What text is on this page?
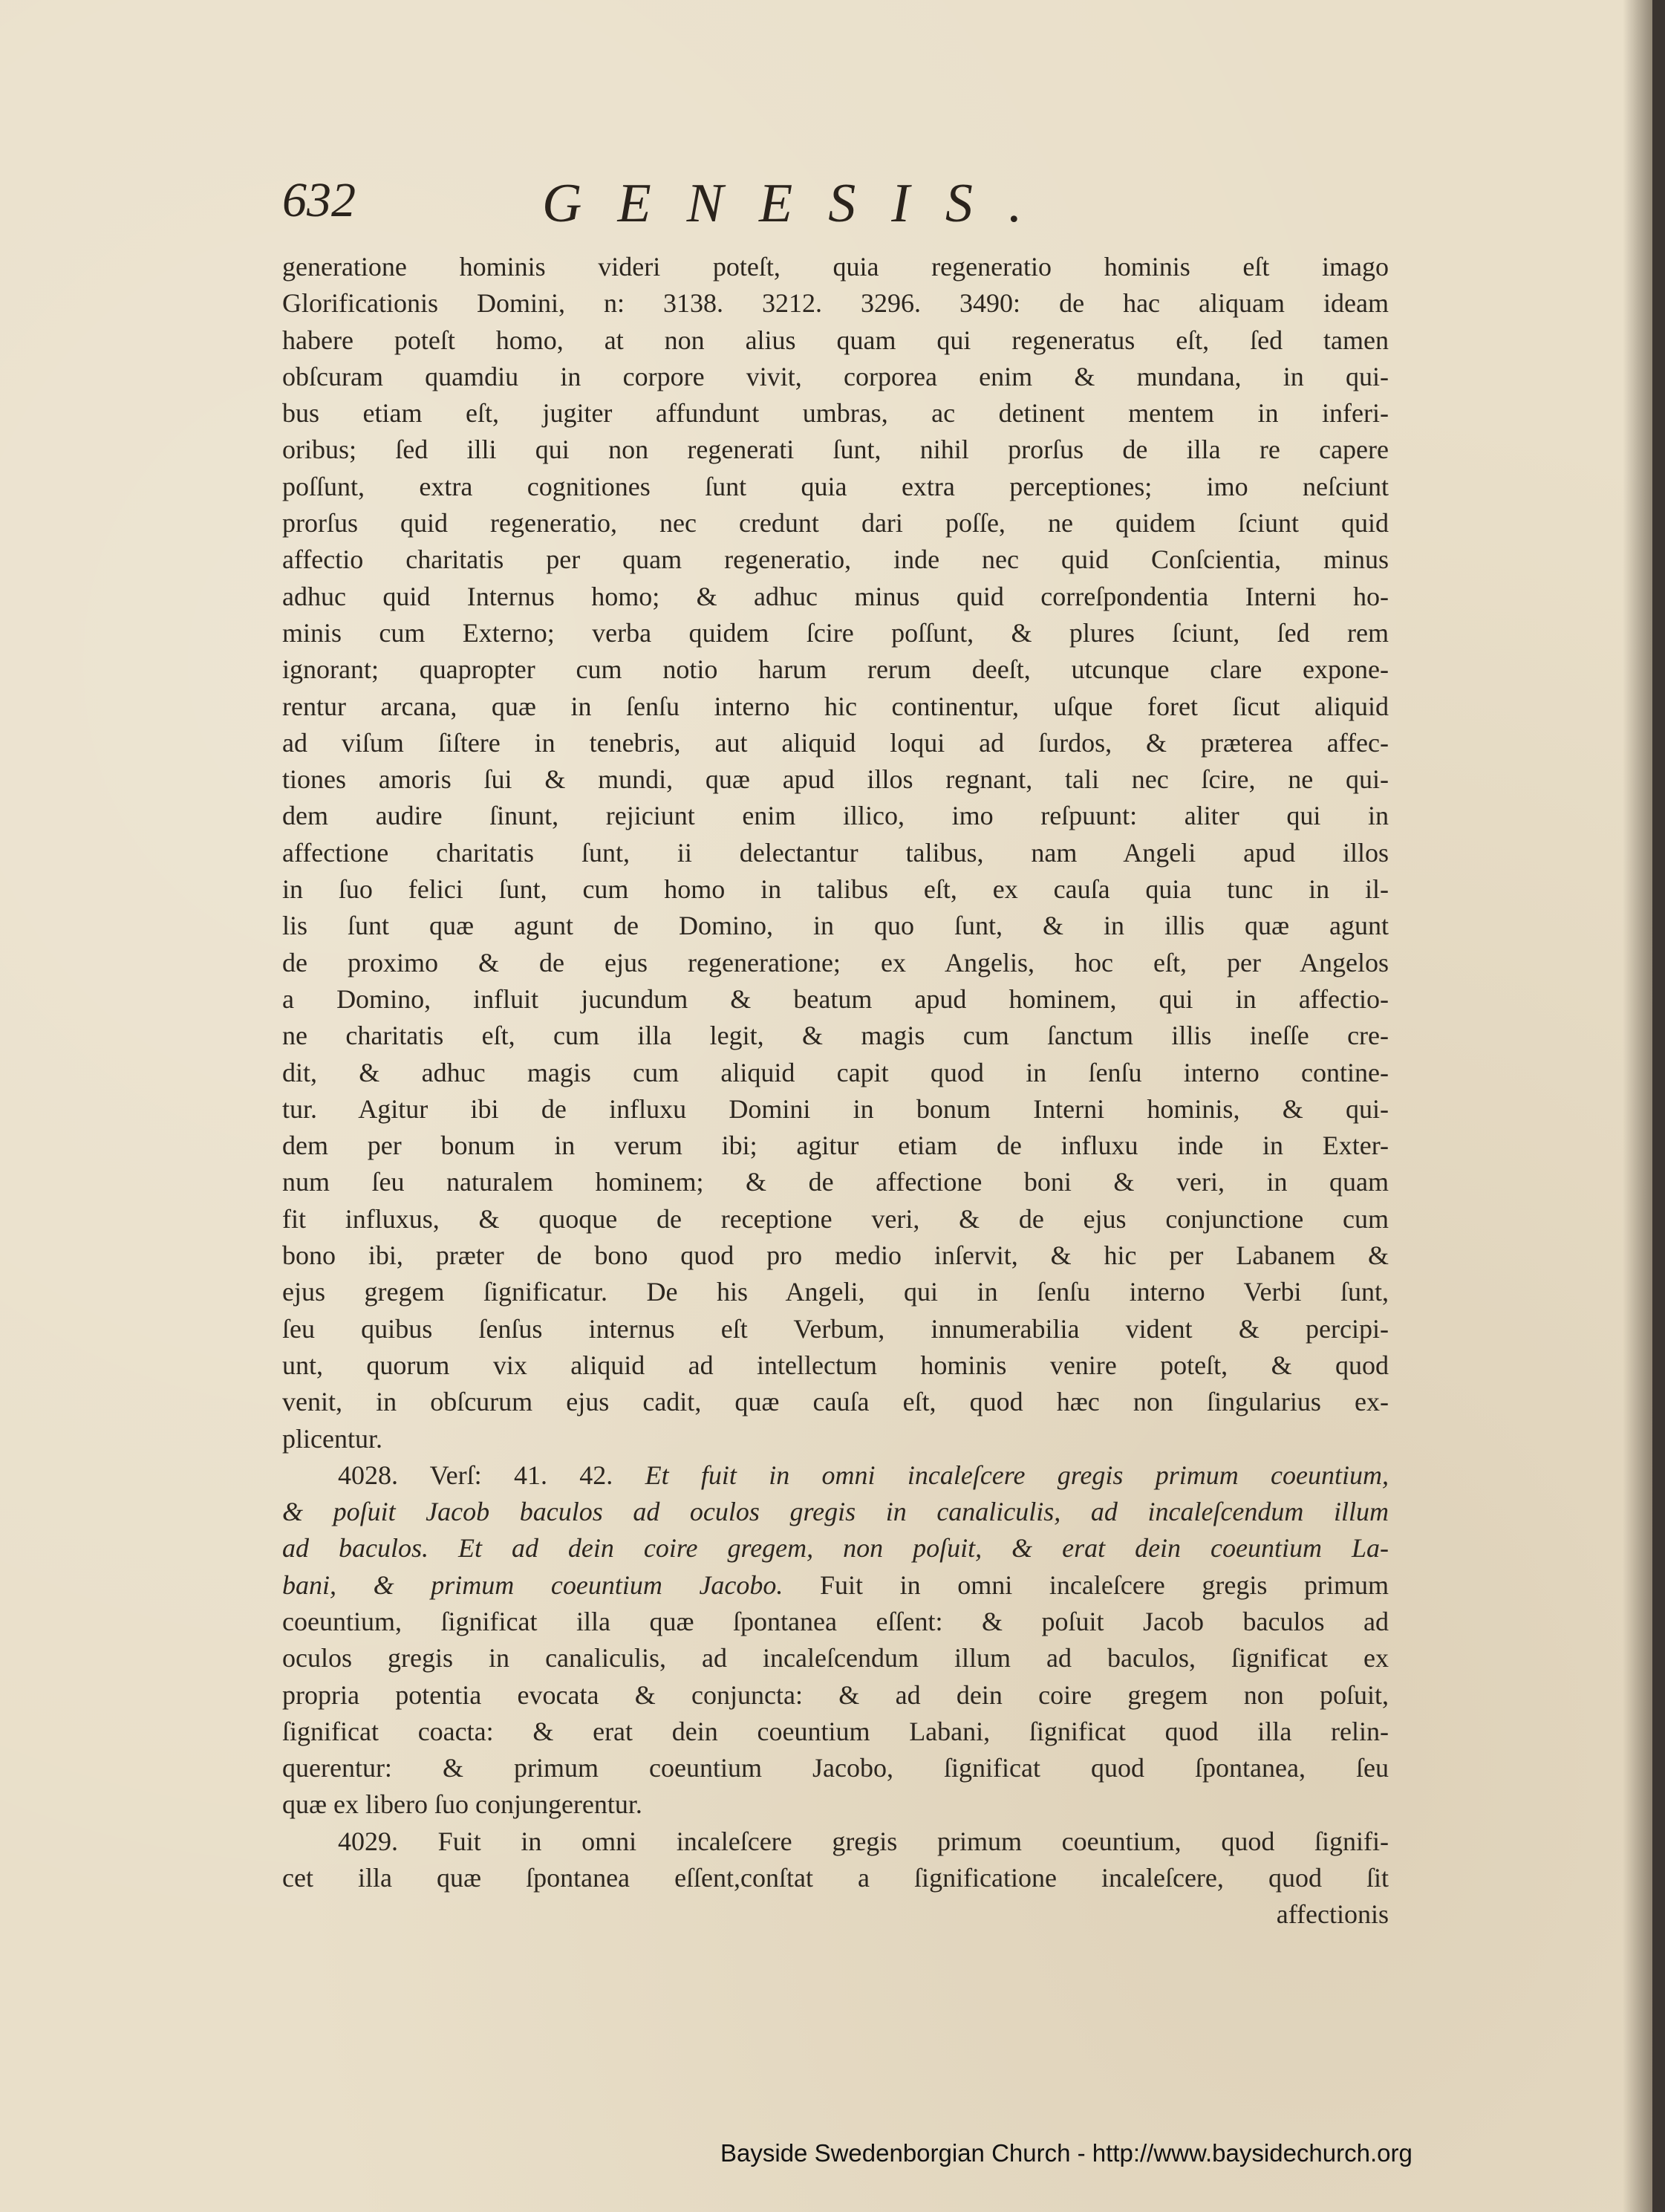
632	GENESIS.

generatione hominis videri poteſt, quia regeneratio hominis eſt imago
Glorificationis Domini, n: 3138. 3212. 3296. 3490: de hac aliquam ideam
habere poteſt homo, at non alius quam qui regeneratus eſt, ſed tamen
obſcuram quamdiu in corpore vivit, corporea enim & mundana, in qui-
bus etiam eſt, jugiter affundunt umbras, ac detinent mentem in inferi-
oribus; ſed illi qui non regenerati ſunt, nihil prorſus de illa re capere
poſſunt, extra cognitiones ſunt quia extra perceptiones; imo neſciunt
prorſus quid regeneratio, nec credunt dari poſſe, ne quidem ſciunt quid
affectio charitatis per quam regeneratio, inde nec quid Conſcientia, minus
adhuc quid Internus homo; & adhuc minus quid correſpondentia Interni ho-
minis cum Externo; verba quidem ſcire poſſunt, & plures ſciunt, ſed rem
ignorant; quapropter cum notio harum rerum deeſt, utcunque clare expone-
rentur arcana, quæ in ſenſu interno hic continentur, uſque foret ſicut aliquid
ad viſum ſiſtere in tenebris, aut aliquid loqui ad ſurdos, & præterea affec-
tiones amoris ſui & mundi, quæ apud illos regnant, tali nec ſcire, ne qui-
dem audire ſinunt, rejiciunt enim illico, imo reſpuunt: aliter qui in
affectione charitatis ſunt, ii delectantur talibus, nam Angeli apud illos
in ſuo felici ſunt, cum homo in talibus eſt, ex cauſa quia tunc in il-
lis ſunt quæ agunt de Domino, in quo ſunt, & in illis quæ agunt
de proximo & de ejus regeneratione; ex Angelis, hoc eſt, per Angelos
a Domino, influit jucundum & beatum apud hominem, qui in affectio-
ne charitatis eſt, cum illa legit, & magis cum ſanctum illis ineſſe cre-
dit, & adhuc magis cum aliquid capit quod in ſenſu interno contine-
tur. Agitur ibi de influxu Domini in bonum Interni hominis, & qui-
dem per bonum in verum ibi; agitur etiam de influxu inde in Exter-
num ſeu naturalem hominem; & de affectione boni & veri, in quam
fit influxus, & quoque de receptione veri, & de ejus conjunctione cum
bono ibi, præter de bono quod pro medio inſervit, & hic per Labanem &
ejus gregem ſignificatur. De his Angeli, qui in ſenſu interno Verbi ſunt,
ſeu quibus ſenſus internus eſt Verbum, innumerabilia vident & percipi-
unt, quorum vix aliquid ad intellectum hominis venire poteſt, & quod
venit, in obſcurum ejus cadit, quæ cauſa eſt, quod hæc non ſingularius ex-
plicentur.
4028. Verſ: 41. 42. Et fuit in omni incaleſcere gregis primum coeuntium,
& poſuit Jacob baculos ad oculos gregis in canaliculis, ad incaleſcendum illum
ad baculos. Et ad dein coire gregem, non poſuit, & erat dein coeuntium La-
bani, & primum coeuntium Jacobo. Fuit in omni incaleſcere gregis primum
coeuntium, ſignificat illa quæ ſpontanea eſſent: & poſuit Jacob baculos ad
oculos gregis in canaliculis, ad incaleſcendum illum ad baculos, ſignificat ex
propria potentia evocata & conjuncta: & ad dein coire gregem non poſuit,
ſignificat coacta: & erat dein coeuntium Labani, ſignificat quod illa relin-
querentur: & primum coeuntium Jacobo, ſignificat quod ſpontanea, ſeu
quæ ex libero ſuo conjungerentur.
4029. Fuit in omni incaleſcere gregis primum coeuntium, quod ſignifi-
cet illa quæ ſpontanea eſſent,conſtat a ſignificatione incaleſcere, quod ſit
affectionis

Bayside Swedenborgian Church - http://www.baysidechurch.org
